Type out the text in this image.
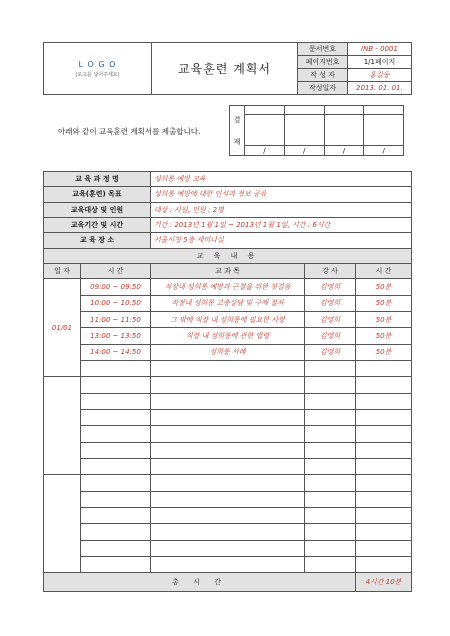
L O G O
(로고를 넣어주세요)	교육훈련 계획서	문서번호	INB - 0001
		페이지번호	1/1페이지
		작 성 자	홍길동
		작성일자	2013. 01. 01.
아래와 같이 교육훈련 계획서를 제출합니다.
결
재				

	/	/	/	/
교 육 과 정 명		성희롱 예방 교육		
교육(훈련) 목표		성희롱 예방에 대한 인식과 정보 공유		
교육대상 및 인원		대상 : 사원, 인원 : 2명		
교육기간 및 시간		기간 : 2013년 1월 1일 ~ 2013년 1월 1일, 시간 : 6시간		
교 육 장 소		서울시청 5층 세미나실		
교 육 내 용				
일 자	시 간	교 과 목	강 사	시 간
01/01	09:00 ~ 09:50	직장내 성희롱 예방과 근절을 위한 첫걸음	김영희	50분
	10:00 ~ 10:50	직장내 성희롱 고충상담 및 구제 절차	김영희	50분
	11:00 ~ 11:50	그 밖에 직장 내 성희롱에 필요한 사항	김영희	50분
	13:00 ~ 13:50	직장 내 성희롱에 관한 법령	김영희	50분
	14:00 ~ 14:50	성희롱 사례	김영희	50분

총 시 간				4시간 10분
